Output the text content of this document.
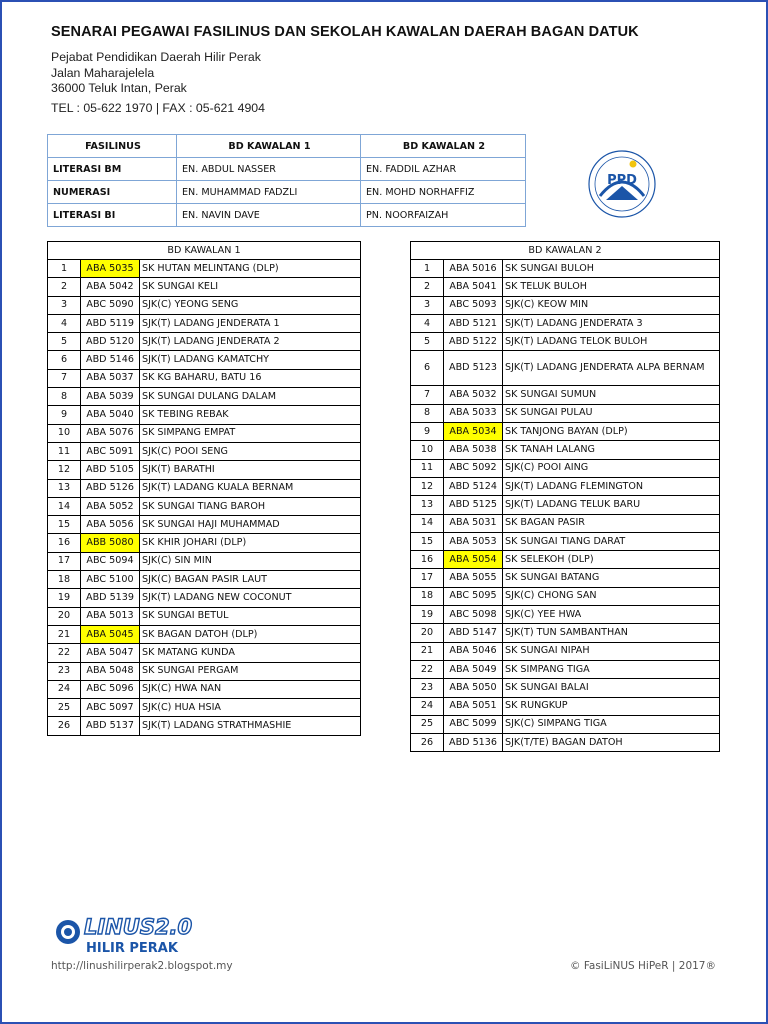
SENARAI PEGAWAI FASILINUS DAN SEKOLAH KAWALAN DAERAH BAGAN DATUK
Pejabat Pendidikan Daerah Hilir Perak
Jalan Maharajelela
36000 Teluk Intan, Perak
TEL : 05-622 1970 | FAX : 05-621 4904
FASILINUS	BD KAWALAN 1	BD KAWALAN 2
LITERASI BM	EN. ABDUL NASSER	EN. FADDIL AZHAR
NUMERASI	EN. MUHAMMAD FADZLI	EN. MOHD NORHAFFIZ
LITERASI BI	EN. NAVIN DAVE	PN. NOORFAIZAH
PPD
BD KAWALAN 1		
1	ABA 5035	SK HUTAN MELINTANG (DLP)
2	ABA 5042	SK SUNGAI KELI
3	ABC 5090	SJK(C) YEONG SENG
4	ABD 5119	SJK(T) LADANG JENDERATA 1
5	ABD 5120	SJK(T) LADANG JENDERATA 2
6	ABD 5146	SJK(T) LADANG KAMATCHY
7	ABA 5037	SK KG BAHARU, BATU 16
8	ABA 5039	SK SUNGAI DULANG DALAM
9	ABA 5040	SK TEBING REBAK
10	ABA 5076	SK SIMPANG EMPAT
11	ABC 5091	SJK(C) POOI SENG
12	ABD 5105	SJK(T) BARATHI
13	ABD 5126	SJK(T) LADANG KUALA BERNAM
14	ABA 5052	SK SUNGAI TIANG BAROH
15	ABA 5056	SK SUNGAI HAJI MUHAMMAD
16	ABB 5080	SK KHIR JOHARI (DLP)
17	ABC 5094	SJK(C) SIN MIN
18	ABC 5100	SJK(C) BAGAN PASIR LAUT
19	ABD 5139	SJK(T) LADANG NEW COCONUT
20	ABA 5013	SK SUNGAI BETUL
21	ABA 5045	SK BAGAN DATOH (DLP)
22	ABA 5047	SK MATANG KUNDA
23	ABA 5048	SK SUNGAI PERGAM
24	ABC 5096	SJK(C) HWA NAN
25	ABC 5097	SJK(C) HUA HSIA
26	ABD 5137	SJK(T) LADANG STRATHMASHIE
BD KAWALAN 2		
1	ABA 5016	SK SUNGAI BULOH
2	ABA 5041	SK TELUK BULOH
3	ABC 5093	SJK(C) KEOW MIN
4	ABD 5121	SJK(T) LADANG JENDERATA 3
5	ABD 5122	SJK(T) LADANG TELOK BULOH
6	ABD 5123	SJK(T) LADANG JENDERATA ALPA BERNAM
7	ABA 5032	SK SUNGAI SUMUN
8	ABA 5033	SK SUNGAI PULAU
9	ABA 5034	SK TANJONG BAYAN (DLP)
10	ABA 5038	SK TANAH LALANG
11	ABC 5092	SJK(C) POOI AING
12	ABD 5124	SJK(T) LADANG FLEMINGTON
13	ABD 5125	SJK(T) LADANG TELUK BARU
14	ABA 5031	SK BAGAN PASIR
15	ABA 5053	SK SUNGAI TIANG DARAT
16	ABA 5054	SK SELEKOH (DLP)
17	ABA 5055	SK SUNGAI BATANG
18	ABC 5095	SJK(C) CHONG SAN
19	ABC 5098	SJK(C) YEE HWA
20	ABD 5147	SJK(T) TUN SAMBANTHAN
21	ABA 5046	SK SUNGAI NIPAH
22	ABA 5049	SK SIMPANG TIGA
23	ABA 5050	SK SUNGAI BALAI
24	ABA 5051	SK RUNGKUP
25	ABC 5099	SJK(C) SIMPANG TIGA
26	ABD 5136	SJK(T/TE) BAGAN DATOH
LINUS2.0
HILIR PERAK
http://linushilirperak2.blogspot.my	© FasiLiNUS HiPeR | 2017®
